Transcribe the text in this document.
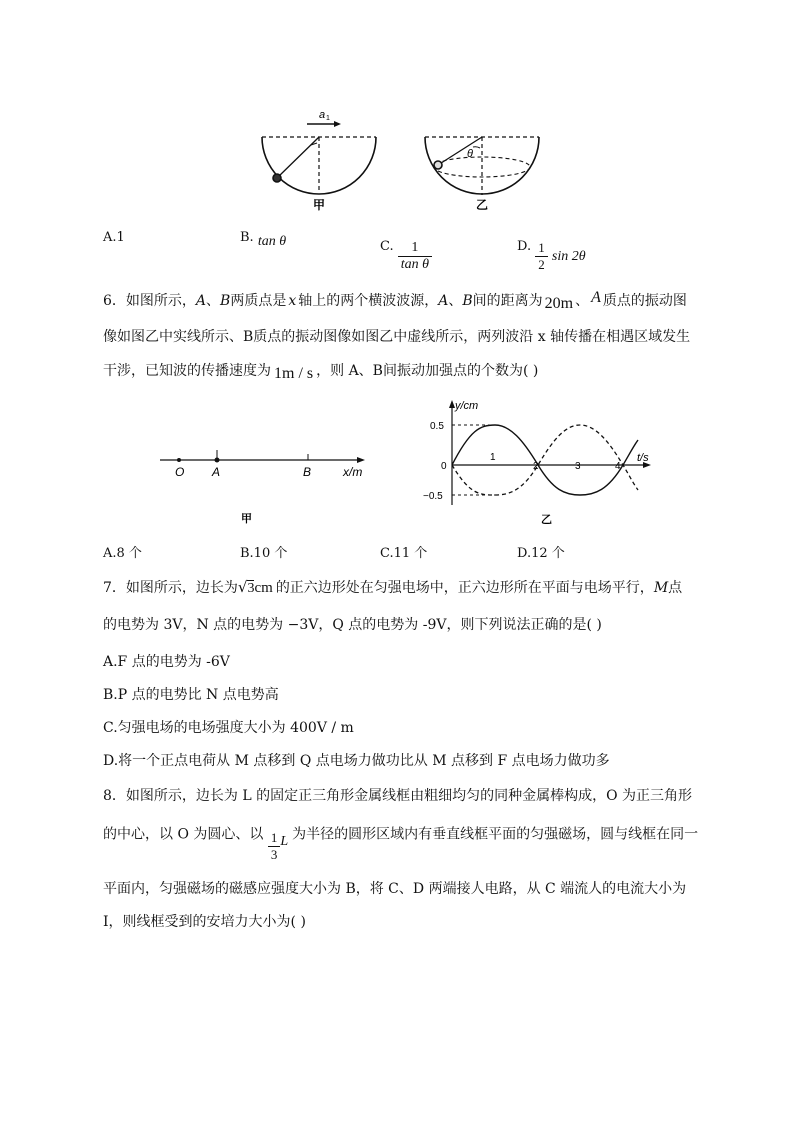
a 1
甲
θ
乙
A.1	B. tan θ	C. $\frac{1}{\text{tan θ}}$	D. $\frac{1}{2}$ sin 2θ
6．如图所示，A、B两质点是 x 轴上的两个横波波源，A、B间的距离为 20m 、 A 质点的振动图
像如图乙中实线所示、B质点的振动图像如图乙中虚线所示，两列波沿 x 轴传播在相遇区域发生
干涉，已知波的传播速度为 1m / s ，则 A、B间振动加强点的个数为( )
O A	B	x/m
甲
y/cm
t/s
0.5
0
−0.5
1
2	3	4
乙
A.8 个	B.10 个	C.11 个	D.12 个
7．如图所示，边长为√3cm 的正六边形处在匀强电场中，正六边形所在平面与电场平行，M点
的电势为 3V，N 点的电势为 −3V，Q 点的电势为 -9V，则下列说法正确的是( )
A.F 点的电势为 -6V
B.P 点的电势比 N 点电势高
C.匀强电场的电场强度大小为 400V / m
D.将一个正点电荷从 M 点移到 Q 点电场力做功比从 M 点移到 F 点电场力做功多
8．如图所示，边长为 L 的固定正三角形金属线框由粗细均匀的同种金属棒构成，O 为正三角形
的中心，以 O 为圆心、以 $\frac{1}{3}$ L 为半径的圆形区域内有垂直线框平面的匀强磁场，圆与线框在同一
平面内，匀强磁场的磁感应强度大小为 B，将 C、D 两端接人电路，从 C 端流人的电流大小为
I，则线框受到的安培力大小为( )
